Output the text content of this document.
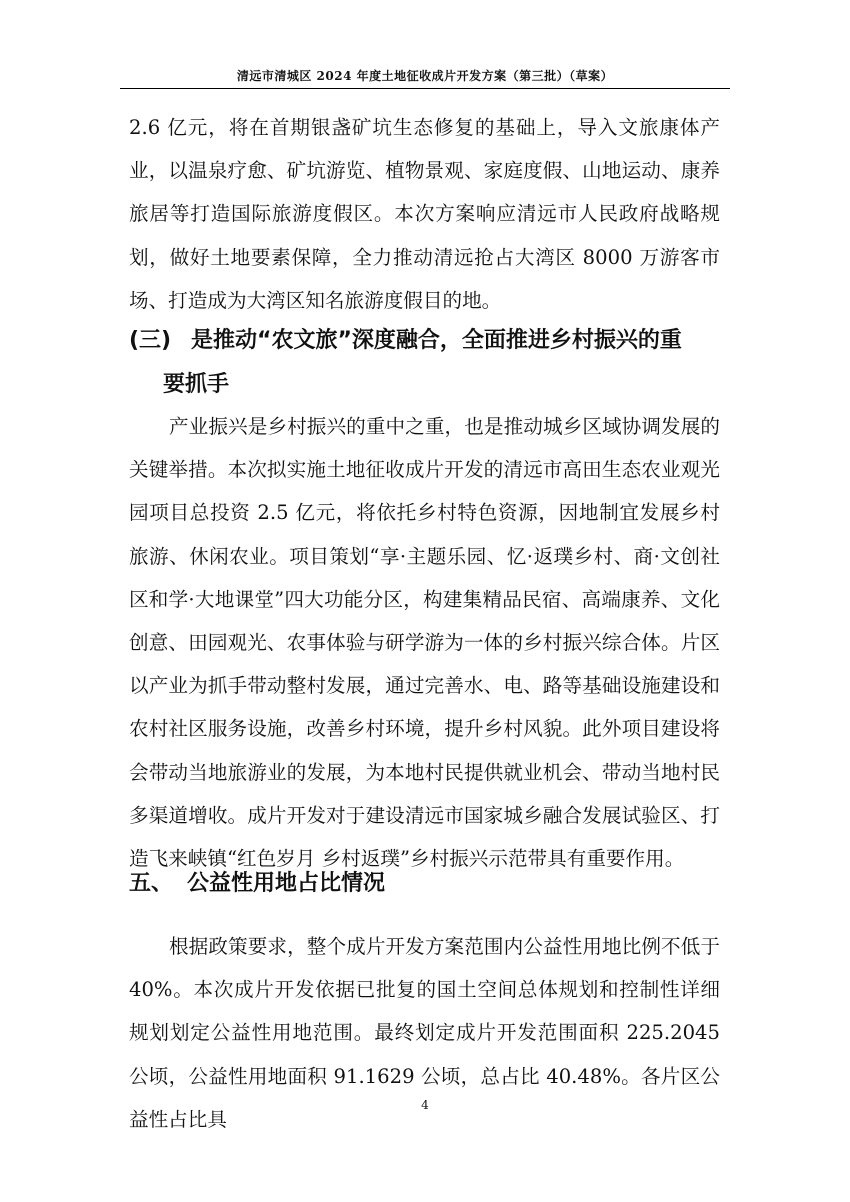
清远市清城区 2024 年度土地征收成片开发方案（第三批）（草案）

2.6 亿元，将在首期银盏矿坑生态修复的基础上，导入文旅康体产业，以温泉疗愈、矿坑游览、植物景观、家庭度假、山地运动、康养旅居等打造国际旅游度假区。本次方案响应清远市人民政府战略规划，做好土地要素保障，全力推动清远抢占大湾区 8000 万游客市场、打造成为大湾区知名旅游度假目的地。

(三) 是推动“农文旅”深度融合，全面推进乡村振兴的重
要抓手

产业振兴是乡村振兴的重中之重，也是推动城乡区域协调发展的关键举措。本次拟实施土地征收成片开发的清远市高田生态农业观光园项目总投资 2.5 亿元，将依托乡村特色资源，因地制宜发展乡村旅游、休闲农业。项目策划“享·主题乐园、忆·返璞乡村、商·文创社区和学·大地课堂”四大功能分区，构建集精品民宿、高端康养、文化创意、田园观光、农事体验与研学游为一体的乡村振兴综合体。片区以产业为抓手带动整村发展，通过完善水、电、路等基础设施建设和农村社区服务设施，改善乡村环境，提升乡村风貌。此外项目建设将会带动当地旅游业的发展，为本地村民提供就业机会、带动当地村民多渠道增收。成片开发对于建设清远市国家城乡融合发展试验区、打造飞来峡镇“红色岁月 乡村返璞”乡村振兴示范带具有重要作用。

五、 公益性用地占比情况

根据政策要求，整个成片开发方案范围内公益性用地比例不低于 40%。本次成片开发依据已批复的国土空间总体规划和控制性详细规划划定公益性用地范围。最终划定成片开发范围面积 225.2045 公顷，公益性用地面积 91.1629 公顷，总占比 40.48%。各片区公益性占比具

4
